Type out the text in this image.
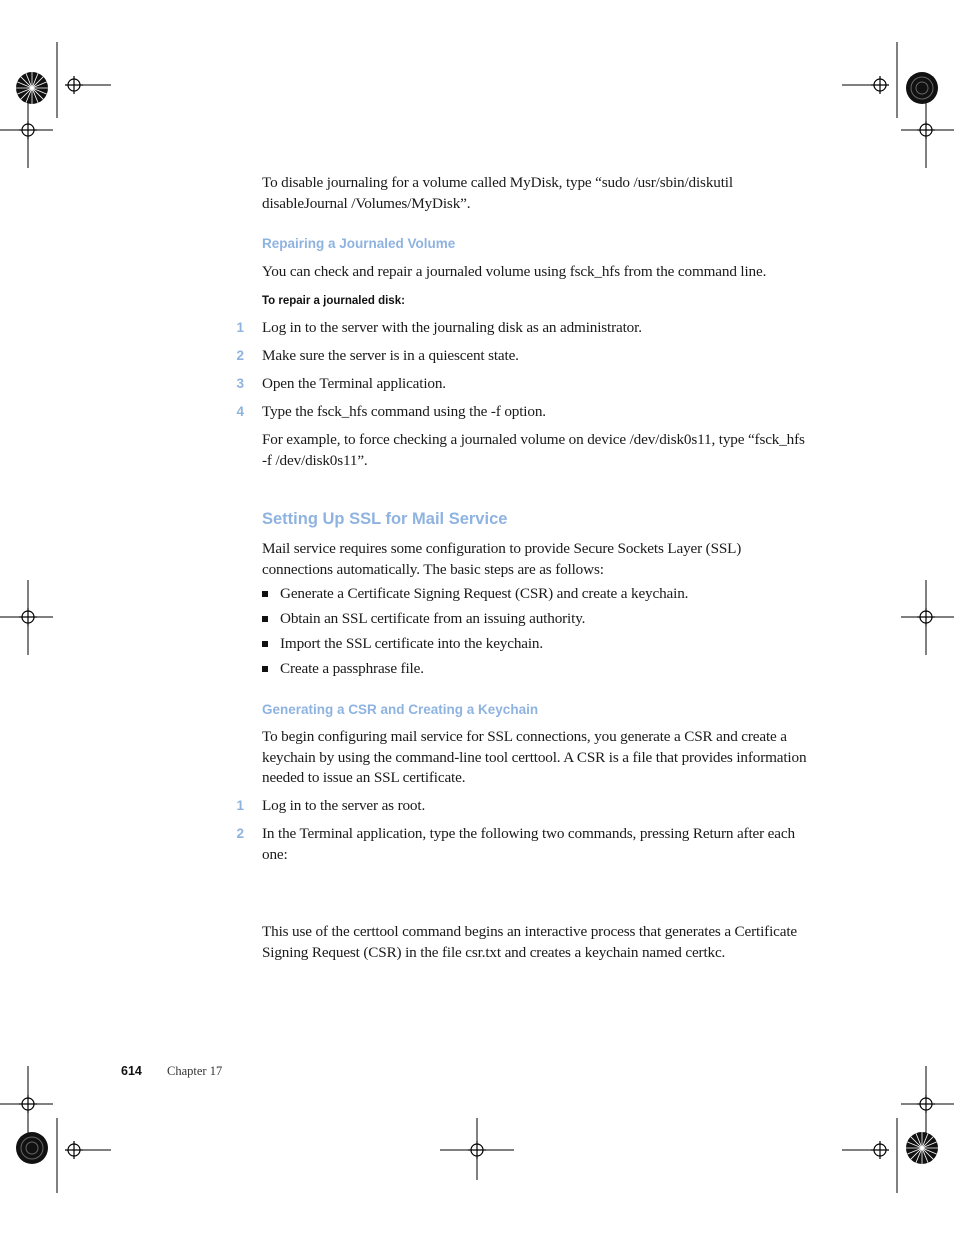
To disable journaling for a volume called MyDisk, type “sudo /usr/sbin/diskutil disableJournal /Volumes/MyDisk”.
Repairing a Journaled Volume
You can check and repair a journaled volume using fsck_hfs from the command line.
To repair a journaled disk:
1 Log in to the server with the journaling disk as an administrator.
2 Make sure the server is in a quiescent state.
3 Open the Terminal application.
4 Type the fsck_hfs command using the -f option.
For example, to force checking a journaled volume on device /dev/disk0s11, type “fsck_hfs -f /dev/disk0s11”.
Setting Up SSL for Mail Service
Mail service requires some configuration to provide Secure Sockets Layer (SSL) connections automatically. The basic steps are as follows:
Generate a Certificate Signing Request (CSR) and create a keychain.
Obtain an SSL certificate from an issuing authority.
Import the SSL certificate into the keychain.
Create a passphrase file.
Generating a CSR and Creating a Keychain
To begin configuring mail service for SSL connections, you generate a CSR and create a keychain by using the command-line tool certtool. A CSR is a file that provides information needed to issue an SSL certificate.
1 Log in to the server as root.
2 In the Terminal application, type the following two commands, pressing Return after each one:
This use of the certtool command begins an interactive process that generates a Certificate Signing Request (CSR) in the file csr.txt and creates a keychain named certkc.
614 Chapter 17
